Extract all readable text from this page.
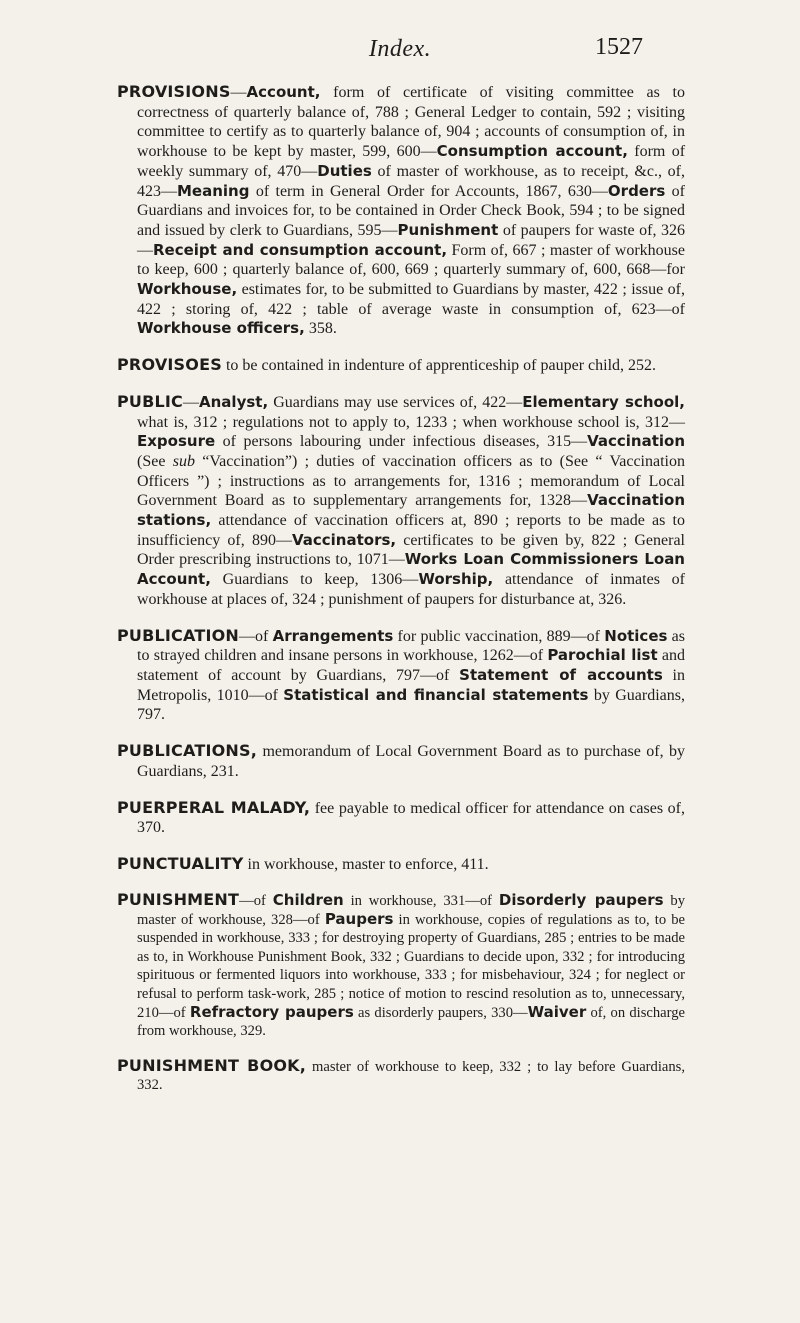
Index.	1527

PROVISIONS—Account, form of certificate of visiting committee as to correctness of quarterly balance of, 788 ; General Ledger to contain, 592 ; visiting committee to certify as to quarterly balance of, 904 ; accounts of consumption of, in workhouse to be kept by master, 599, 600—Consumption account, form of weekly summary of, 470—Duties of master of workhouse, as to receipt, &c., of, 423—Meaning of term in General Order for Accounts, 1867, 630—Orders of Guardians and invoices for, to be contained in Order Check Book, 594 ; to be signed and issued by clerk to Guardians, 595—Punishment of paupers for waste of, 326—Receipt and consumption account, Form of, 667 ; master of workhouse to keep, 600 ; quarterly balance of, 600, 669 ; quarterly summary of, 600, 668—for Workhouse, estimates for, to be submitted to Guardians by master, 422 ; issue of, 422 ; storing of, 422 ; table of average waste in consumption of, 623—of Workhouse officers, 358.

PROVISOES to be contained in indenture of apprenticeship of pauper child, 252.

PUBLIC—Analyst, Guardians may use services of, 422—Elementary school, what is, 312 ; regulations not to apply to, 1233 ; when workhouse school is, 312—Exposure of persons labouring under infectious diseases, 315—Vaccination (See sub “Vaccination”) ; duties of vaccination officers as to (See “ Vaccination Officers ”) ; instructions as to arrangements for, 1316 ; memorandum of Local Government Board as to supplementary arrangements for, 1328—Vaccination stations, attendance of vaccination officers at, 890 ; reports to be made as to insufficiency of, 890—Vaccinators, certificates to be given by, 822 ; General Order prescribing instructions to, 1071—Works Loan Commissioners Loan Account, Guardians to keep, 1306—Worship, attendance of inmates of workhouse at places of, 324 ; punishment of paupers for disturbance at, 326.

PUBLICATION—of Arrangements for public vaccination, 889—of Notices as to strayed children and insane persons in workhouse, 1262—of Parochial list and statement of account by Guardians, 797—of Statement of accounts in Metropolis, 1010—of Statistical and financial statements by Guardians, 797.

PUBLICATIONS, memorandum of Local Government Board as to purchase of, by Guardians, 231.

PUERPERAL MALADY, fee payable to medical officer for attendance on cases of, 370.

PUNCTUALITY in workhouse, master to enforce, 411.

PUNISHMENT—of Children in workhouse, 331—of Disorderly paupers by master of workhouse, 328—of Paupers in workhouse, copies of regulations as to, to be suspended in workhouse, 333 ; for destroying property of Guardians, 285 ; entries to be made as to, in Workhouse Punishment Book, 332 ; Guardians to decide upon, 332 ; for introducing spirituous or fermented liquors into workhouse, 333 ; for misbehaviour, 324 ; for neglect or refusal to perform task-work, 285 ; notice of motion to rescind resolution as to, unnecessary, 210—of Refractory paupers as disorderly paupers, 330—Waiver of, on discharge from workhouse, 329.

PUNISHMENT BOOK, master of workhouse to keep, 332 ; to lay before Guardians, 332.
